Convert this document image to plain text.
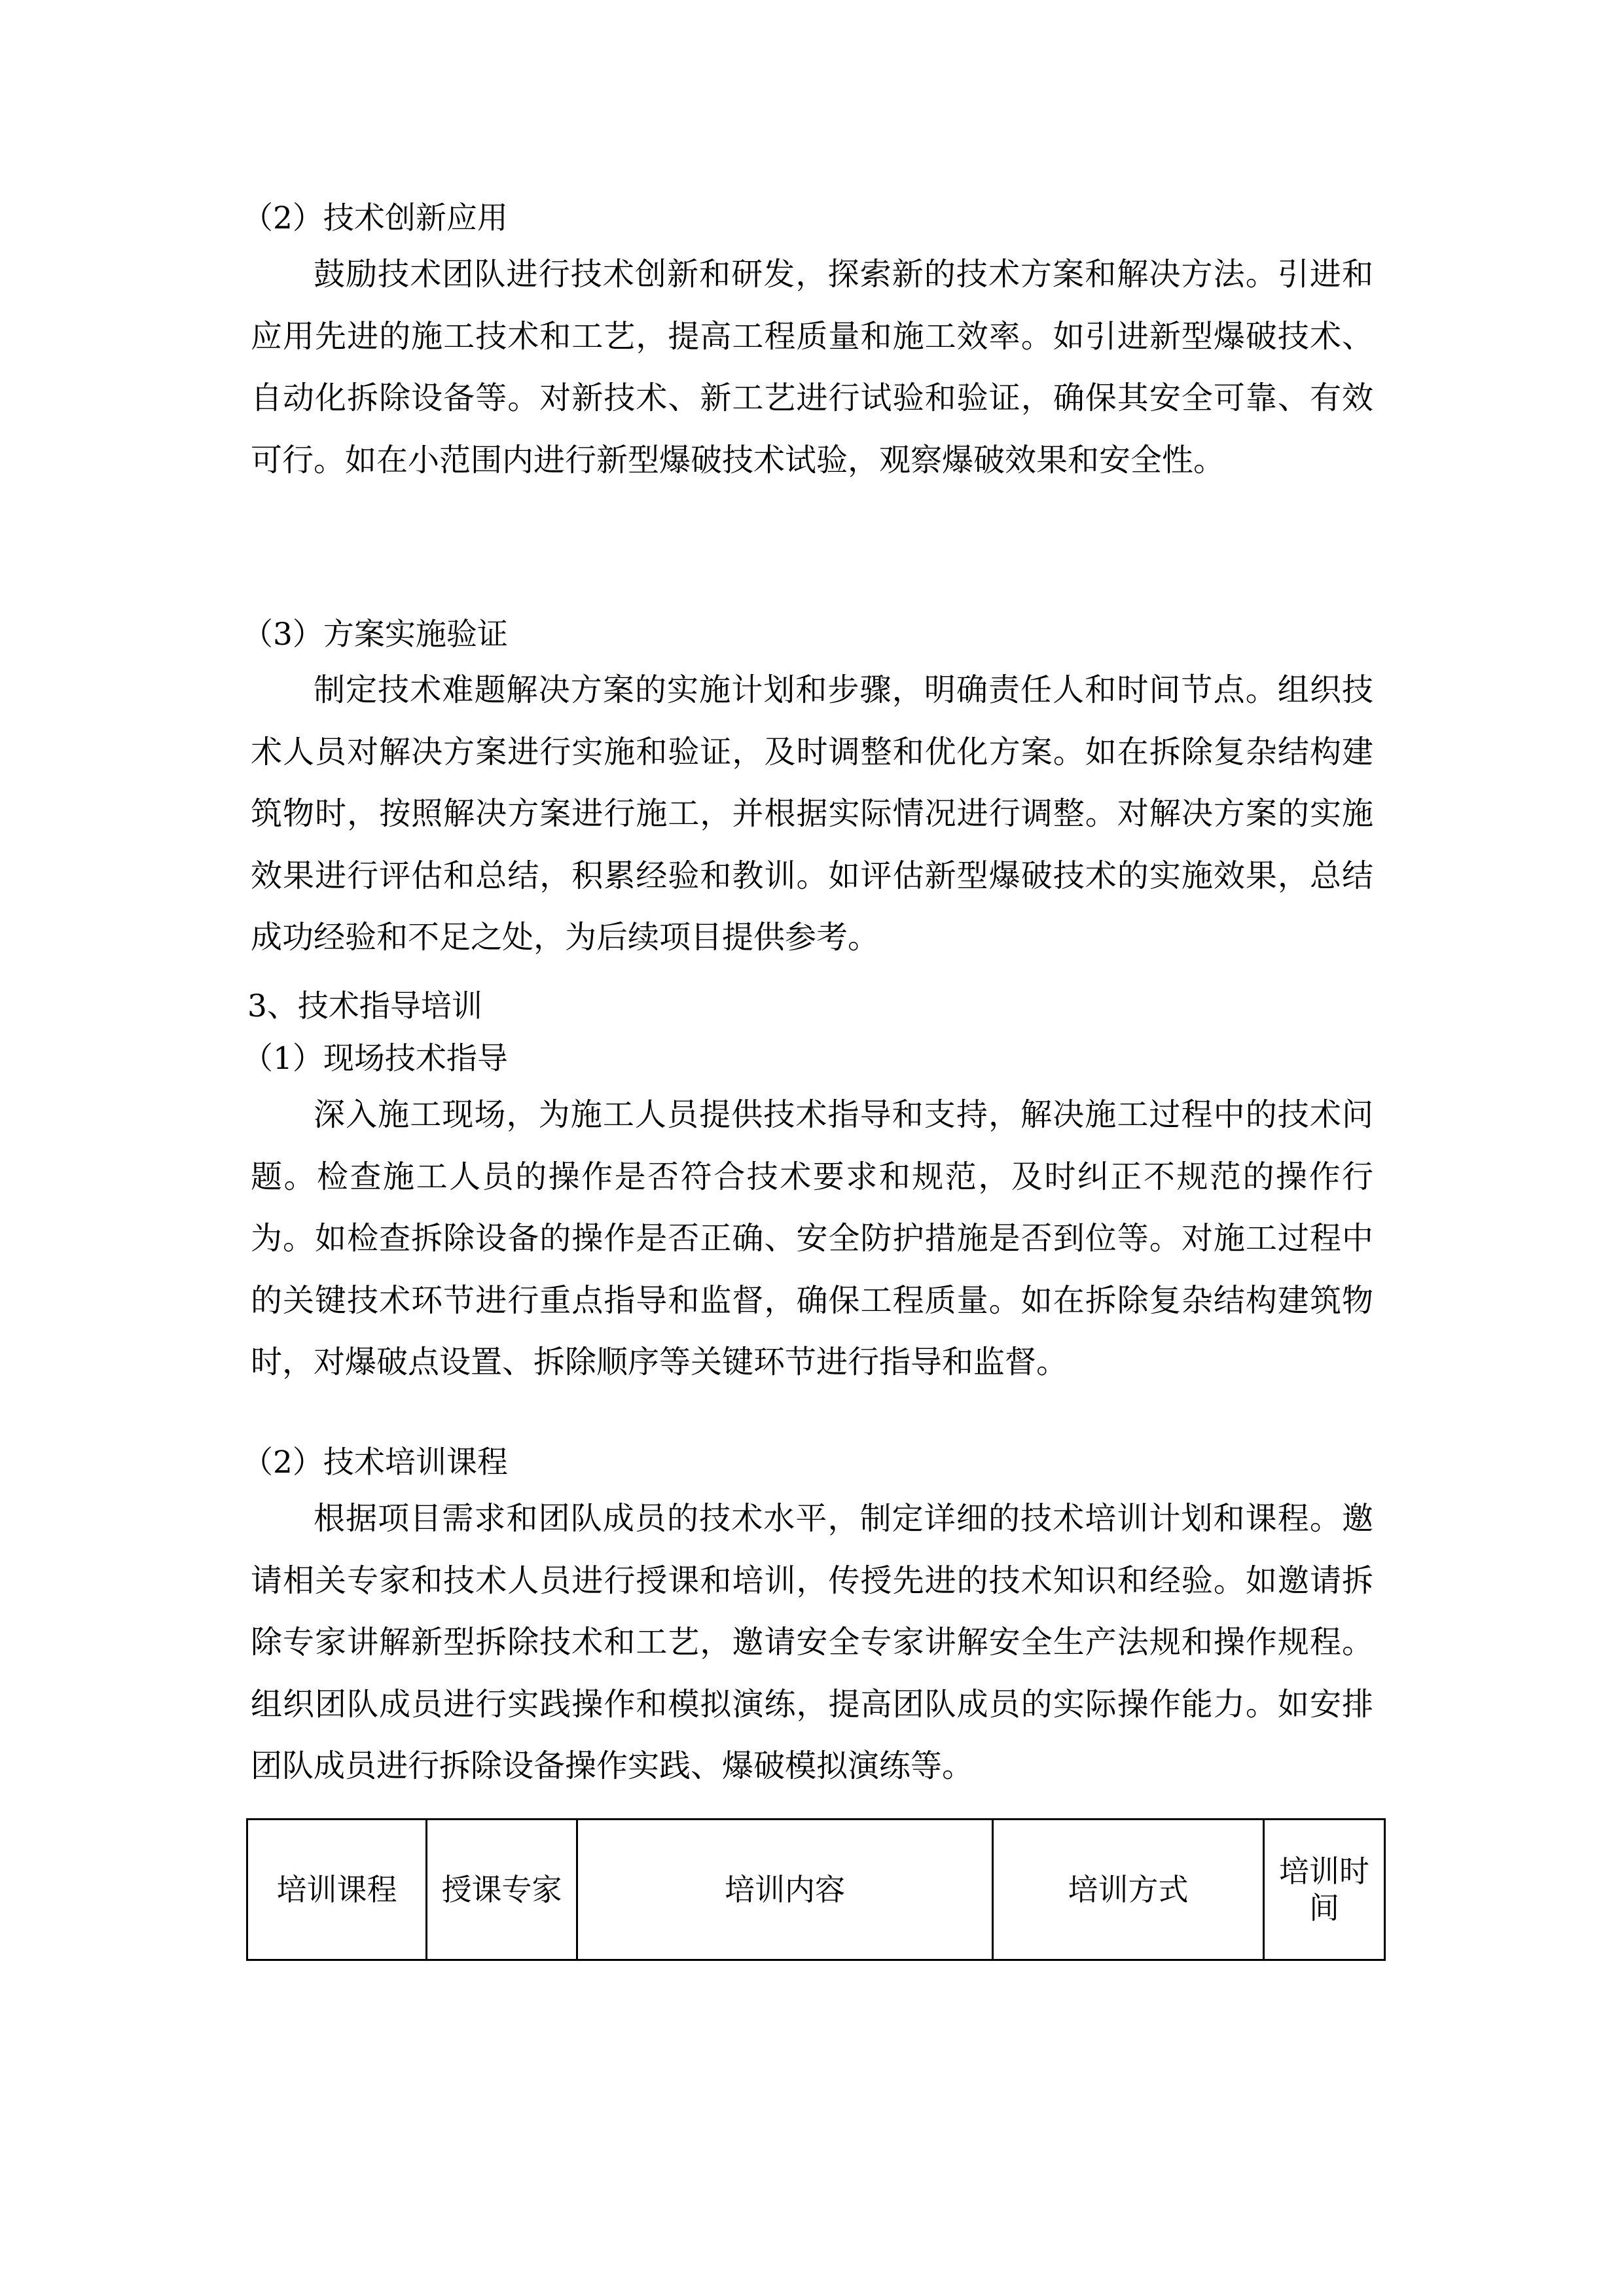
（2）技术创新应用

鼓励技术团队进行技术创新和研发，探索新的技术方案和解决方法。引进和应用先进的施工技术和工艺，提高工程质量和施工效率。如引进新型爆破技术、自动化拆除设备等。对新技术、新工艺进行试验和验证，确保其安全可靠、有效可行。如在小范围内进行新型爆破技术试验，观察爆破效果和安全性。

（3）方案实施验证

制定技术难题解决方案的实施计划和步骤，明确责任人和时间节点。组织技术人员对解决方案进行实施和验证，及时调整和优化方案。如在拆除复杂结构建筑物时，按照解决方案进行施工，并根据实际情况进行调整。对解决方案的实施效果进行评估和总结，积累经验和教训。如评估新型爆破技术的实施效果，总结成功经验和不足之处，为后续项目提供参考。

3、技术指导培训
（1）现场技术指导

深入施工现场，为施工人员提供技术指导和支持，解决施工过程中的技术问题。检查施工人员的操作是否符合技术要求和规范，及时纠正不规范的操作行为。如检查拆除设备的操作是否正确、安全防护措施是否到位等。对施工过程中的关键技术环节进行重点指导和监督，确保工程质量。如在拆除复杂结构建筑物时，对爆破点设置、拆除顺序等关键环节进行指导和监督。

（2）技术培训课程

根据项目需求和团队成员的技术水平，制定详细的技术培训计划和课程。邀请相关专家和技术人员进行授课和培训，传授先进的技术知识和经验。如邀请拆除专家讲解新型拆除技术和工艺，邀请安全专家讲解安全生产法规和操作规程。组织团队成员进行实践操作和模拟演练，提高团队成员的实际操作能力。如安排团队成员进行拆除设备操作实践、爆破模拟演练等。

培训课程	授课专家	培训内容	培训方式	培训时间
